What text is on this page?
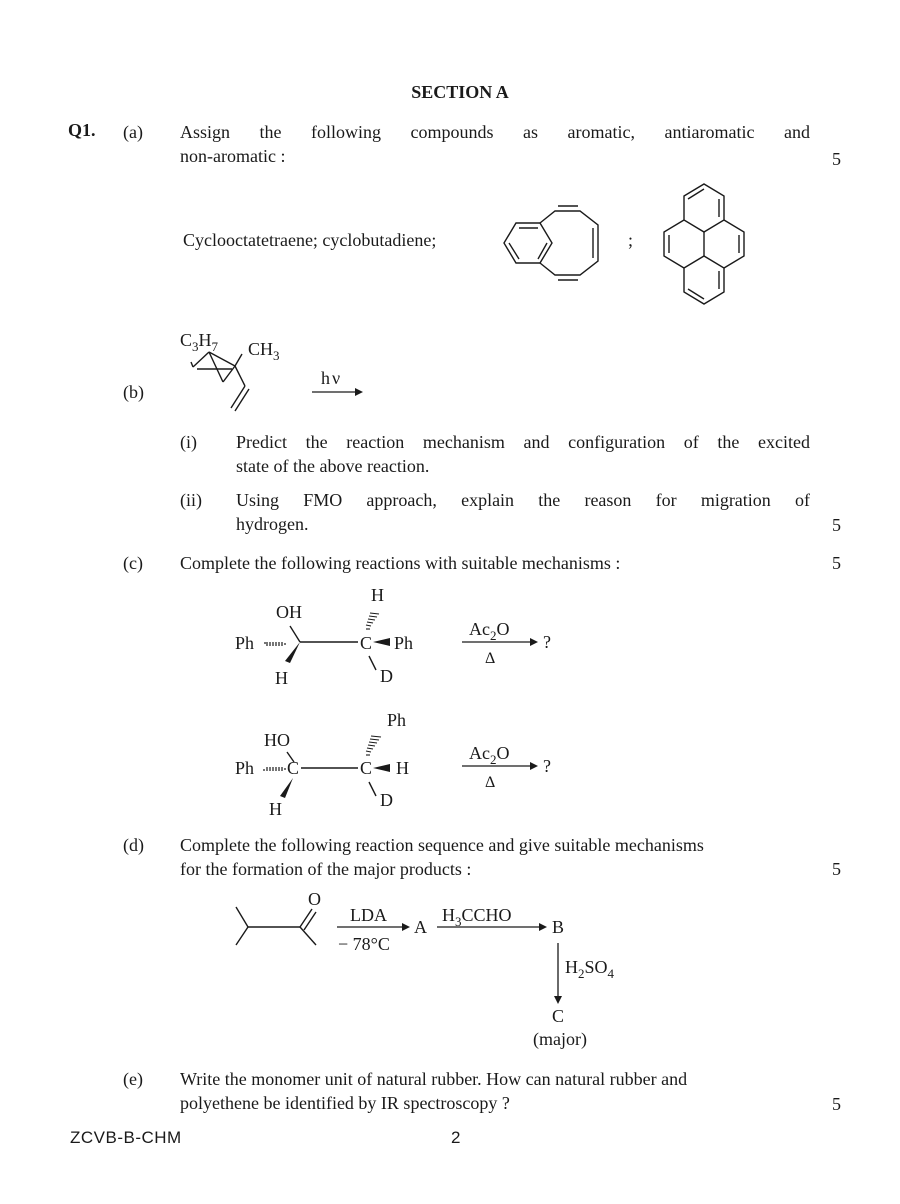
SECTION A
Q1. (a) Assign the following compounds as aromatic, antiaromatic and
non-aromatic :	5
Cyclooctatetraene; cyclobutadiene;	;
(b)
$C_3H_7$ $CH_3$
h ν
(i) Predict the reaction mechanism and configuration of the excited
state of the above reaction.
(ii) Using FMO approach, explain the reason for migration of
hydrogen.	5
(c) Complete the following reactions with suitable mechanisms :	5
OH
Ph
H
C
H
Ph
D
$Ac_2O$
Δ
?
HO
Ph C
H
C
Ph
H
D
$Ac_2O$
Δ
?
(d) Complete the following reaction sequence and give suitable mechanisms
for the formation of the major products :	5
O
LDA
− 78°C
A
$H_3CCHO$
B
$H_2SO_4$
C
(major)
(e) Write the monomer unit of natural rubber. How can natural rubber and
polyethene be identified by IR spectroscopy ?	5
ZCVB-B-CHM	2
